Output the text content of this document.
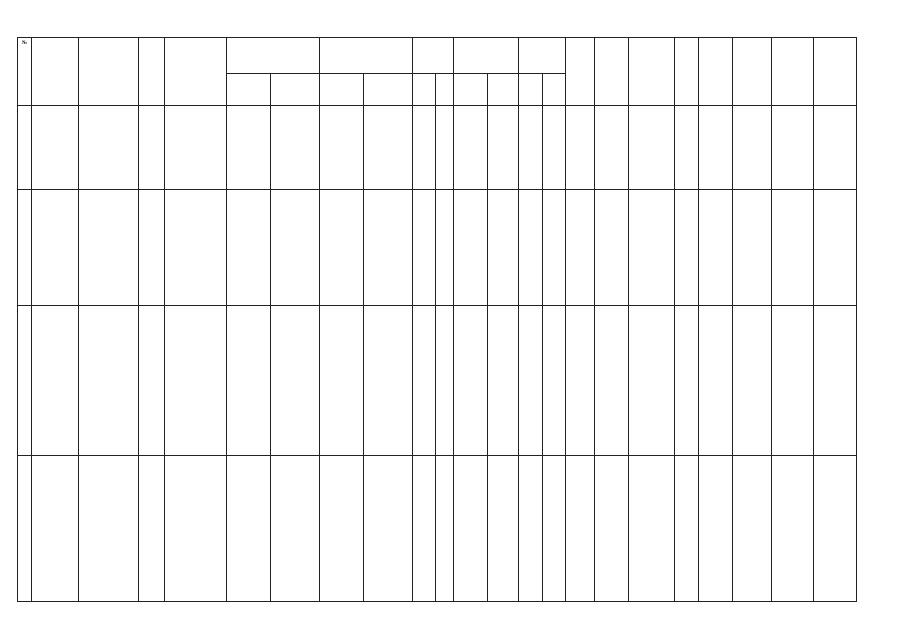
№																						
